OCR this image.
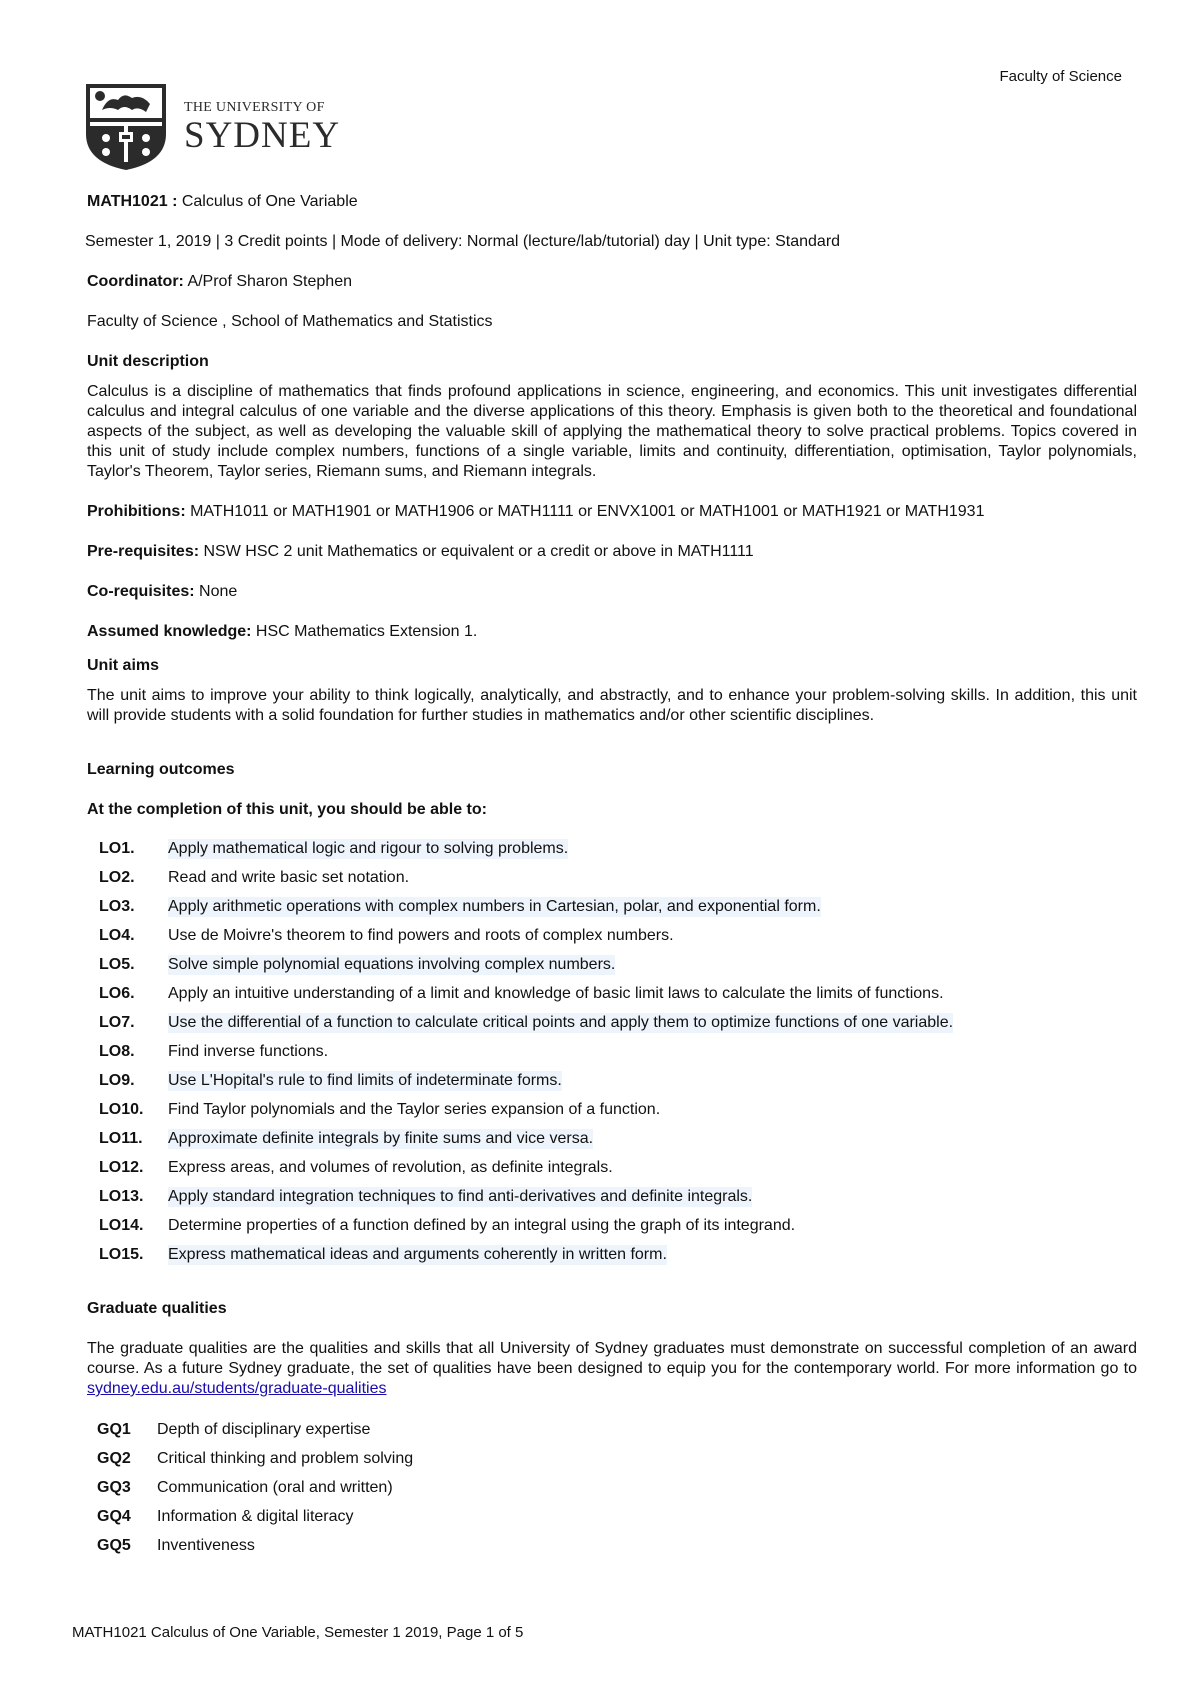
Faculty of Science
THE UNIVERSITY OF
SYDNEY
MATH1021 : Calculus of One Variable
Semester 1, 2019 | 3 Credit points | Mode of delivery: Normal (lecture/lab/tutorial) day | Unit type: Standard
Coordinator: A/Prof Sharon Stephen
Faculty of Science , School of Mathematics and Statistics
Unit description
Calculus is a discipline of mathematics that finds profound applications in science, engineering, and economics. This unit investigates differential calculus and integral calculus of one variable and the diverse applications of this theory. Emphasis is given both to the theoretical and foundational aspects of the subject, as well as developing the valuable skill of applying the mathematical theory to solve practical problems. Topics covered in this unit of study include complex numbers, functions of a single variable, limits and continuity, differentiation, optimisation, Taylor polynomials, Taylor's Theorem, Taylor series, Riemann sums, and Riemann integrals.
Prohibitions: MATH1011 or MATH1901 or MATH1906 or MATH1111 or ENVX1001 or MATH1001 or MATH1921 or MATH1931
Pre-requisites: NSW HSC 2 unit Mathematics or equivalent or a credit or above in MATH1111
Co-requisites: None
Assumed knowledge: HSC Mathematics Extension 1.
Unit aims
The unit aims to improve your ability to think logically, analytically, and abstractly, and to enhance your problem-solving skills. In addition, this unit will provide students with a solid foundation for further studies in mathematics and/or other scientific disciplines.
Learning outcomes
At the completion of this unit, you should be able to:
LO1.	Apply mathematical logic and rigour to solving problems.
LO2.	Read and write basic set notation.
LO3.	Apply arithmetic operations with complex numbers in Cartesian, polar, and exponential form.
LO4.	Use de Moivre's theorem to find powers and roots of complex numbers.
LO5.	Solve simple polynomial equations involving complex numbers.
LO6.	Apply an intuitive understanding of a limit and knowledge of basic limit laws to calculate the limits of functions.
LO7.	Use the differential of a function to calculate critical points and apply them to optimize functions of one variable.
LO8.	Find inverse functions.
LO9.	Use L'Hopital's rule to find limits of indeterminate forms.
LO10.	Find Taylor polynomials and the Taylor series expansion of a function.
LO11.	Approximate definite integrals by finite sums and vice versa.
LO12.	Express areas, and volumes of revolution, as definite integrals.
LO13.	Apply standard integration techniques to find anti-derivatives and definite integrals.
LO14.	Determine properties of a function defined by an integral using the graph of its integrand.
LO15.	Express mathematical ideas and arguments coherently in written form.
Graduate qualities
The graduate qualities are the qualities and skills that all University of Sydney graduates must demonstrate on successful completion of an award course. As a future Sydney graduate, the set of qualities have been designed to equip you for the contemporary world. For more information go to sydney.edu.au/students/graduate-qualities
GQ1	Depth of disciplinary expertise
GQ2	Critical thinking and problem solving
GQ3	Communication (oral and written)
GQ4	Information & digital literacy
GQ5	Inventiveness
MATH1021 Calculus of One Variable, Semester 1 2019, Page 1 of 5
